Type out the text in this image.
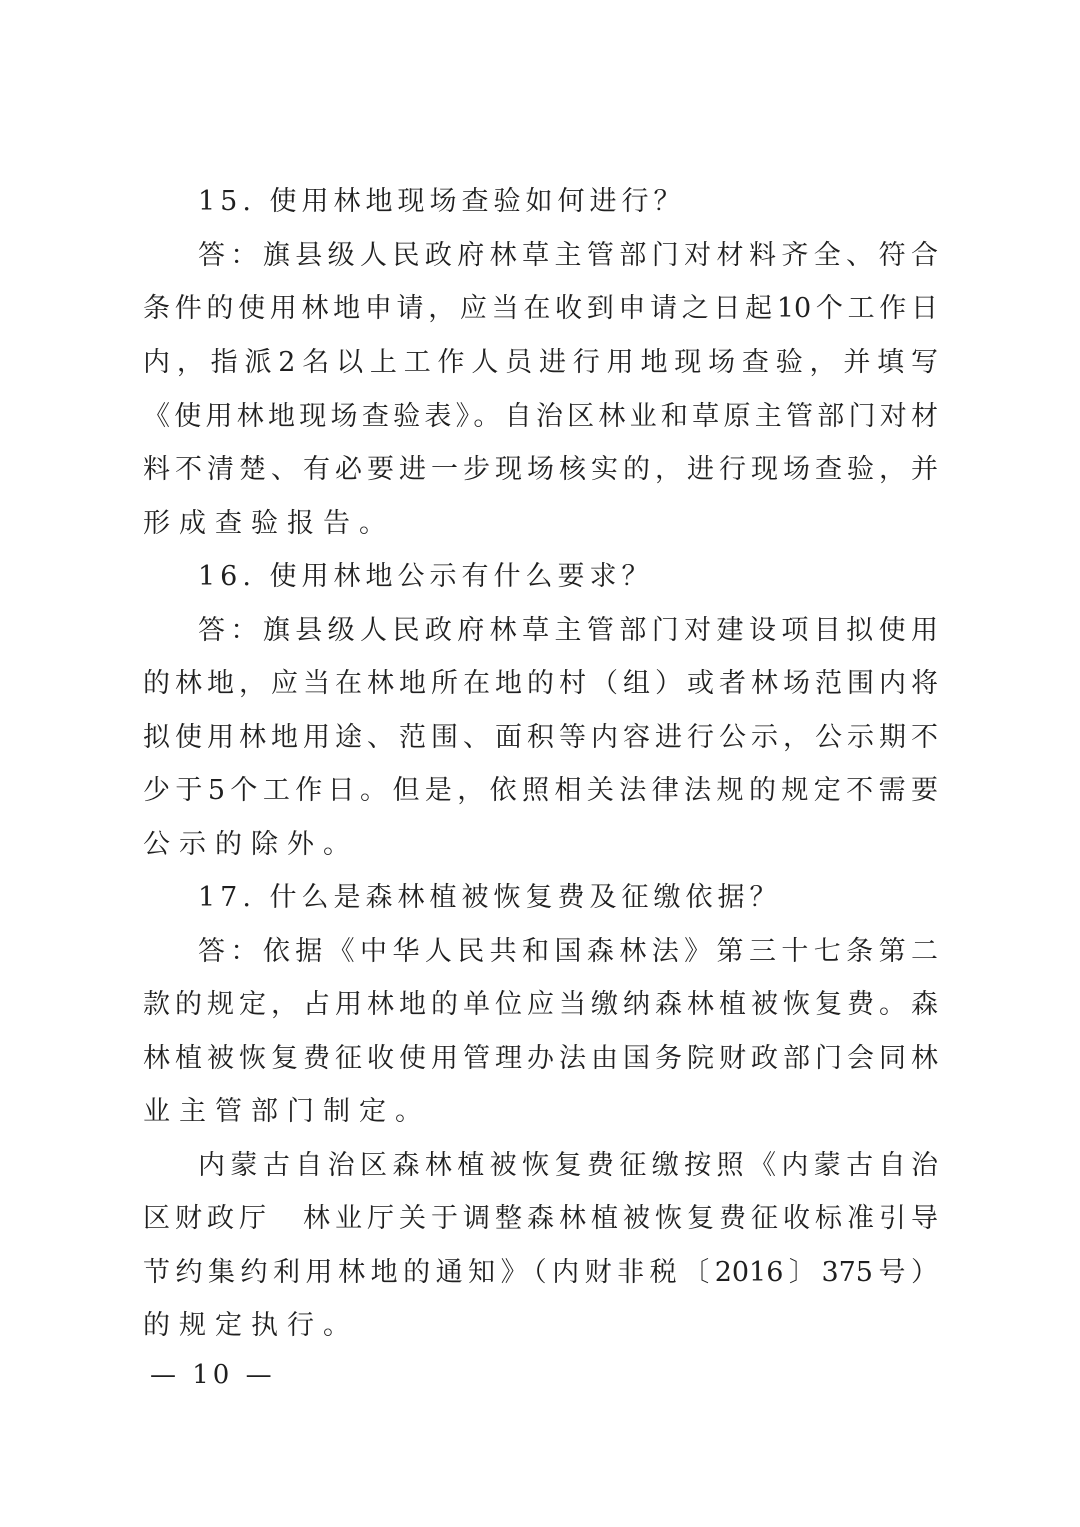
15. 使用林地现场查验如何进行？
答：旗县级人民政府林草主管部门对材料齐全、符合
条件的使用林地申请，应当在收到申请之日起10个工作日
内，指派2名以上工作人员进行用地现场查验，并填写
《使用林地现场查验表》。自治区林业和草原主管部门对材
料不清楚、有必要进一步现场核实的，进行现场查验，并
形成查验报告。
16. 使用林地公示有什么要求？
答：旗县级人民政府林草主管部门对建设项目拟使用
的林地，应当在林地所在地的村（组）或者林场范围内将
拟使用林地用途、范围、面积等内容进行公示，公示期不
少于5个工作日。但是，依照相关法律法规的规定不需要
公示的除外。
17. 什么是森林植被恢复费及征缴依据？
答：依据《中华人民共和国森林法》第三十七条第二
款的规定，占用林地的单位应当缴纳森林植被恢复费。森
林植被恢复费征收使用管理办法由国务院财政部门会同林
业主管部门制定。
内蒙古自治区森林植被恢复费征缴按照《内蒙古自治
区财政厅　林业厅关于调整森林植被恢复费征收标准引导
节约集约利用林地的通知》（内财非税〔2016〕375号）
的规定执行。
— 10 —
